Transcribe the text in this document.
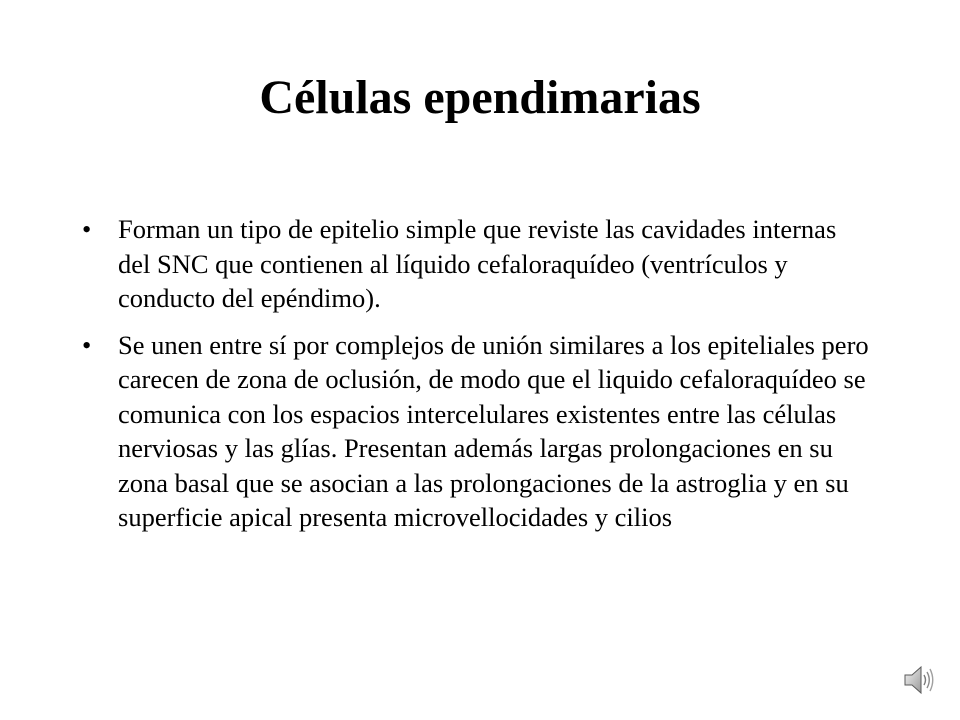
Células ependimarias
• Forman un tipo de epitelio simple que reviste las cavidades internas del SNC que contienen al líquido cefaloraquídeo (ventrículos y conducto del epéndimo).
• Se unen entre sí por complejos de unión similares a los epiteliales pero carecen de zona de oclusión, de modo que el liquido cefaloraquídeo se comunica con los espacios intercelulares existentes entre las células nerviosas y las glías. Presentan además largas prolongaciones en su zona basal que se asocian a las prolongaciones de la astroglia y en su superficie apical presenta microvellocidades y cilios
